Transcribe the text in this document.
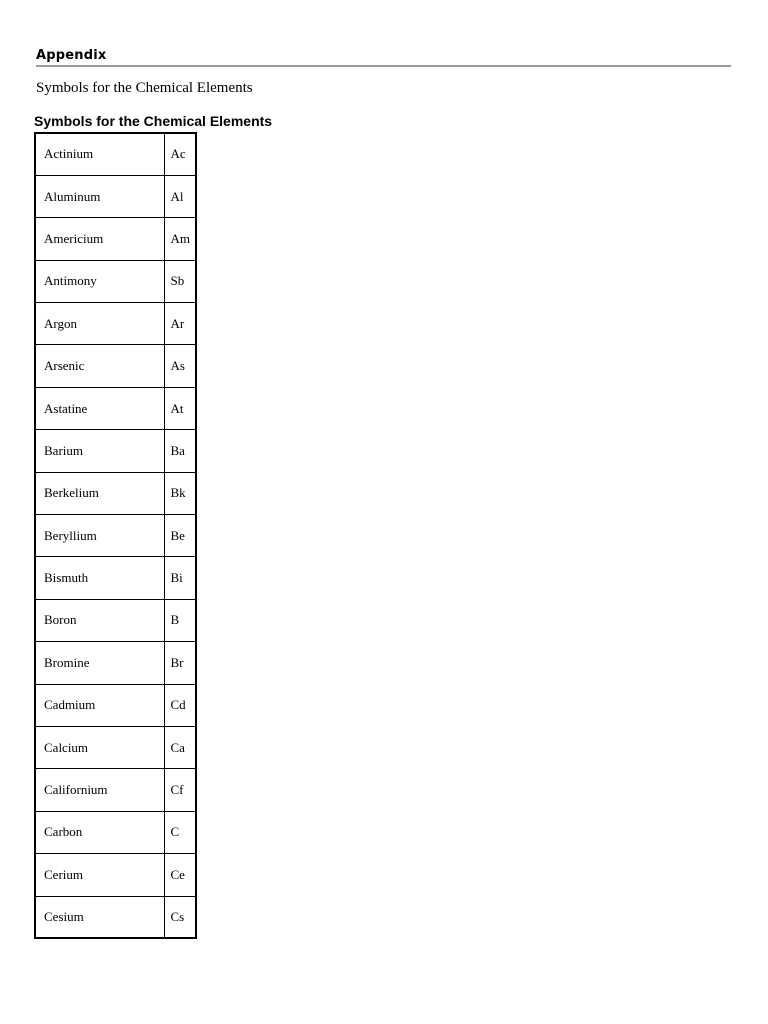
Appendix
Symbols for the Chemical Elements
Symbols for the Chemical Elements
Actinium	Ac
Aluminum	Al
Americium	Am
Antimony	Sb
Argon	Ar
Arsenic	As
Astatine	At
Barium	Ba
Berkelium	Bk
Beryllium	Be
Bismuth	Bi
Boron	B
Bromine	Br
Cadmium	Cd
Calcium	Ca
Californium	Cf
Carbon	C
Cerium	Ce
Cesium	Cs
